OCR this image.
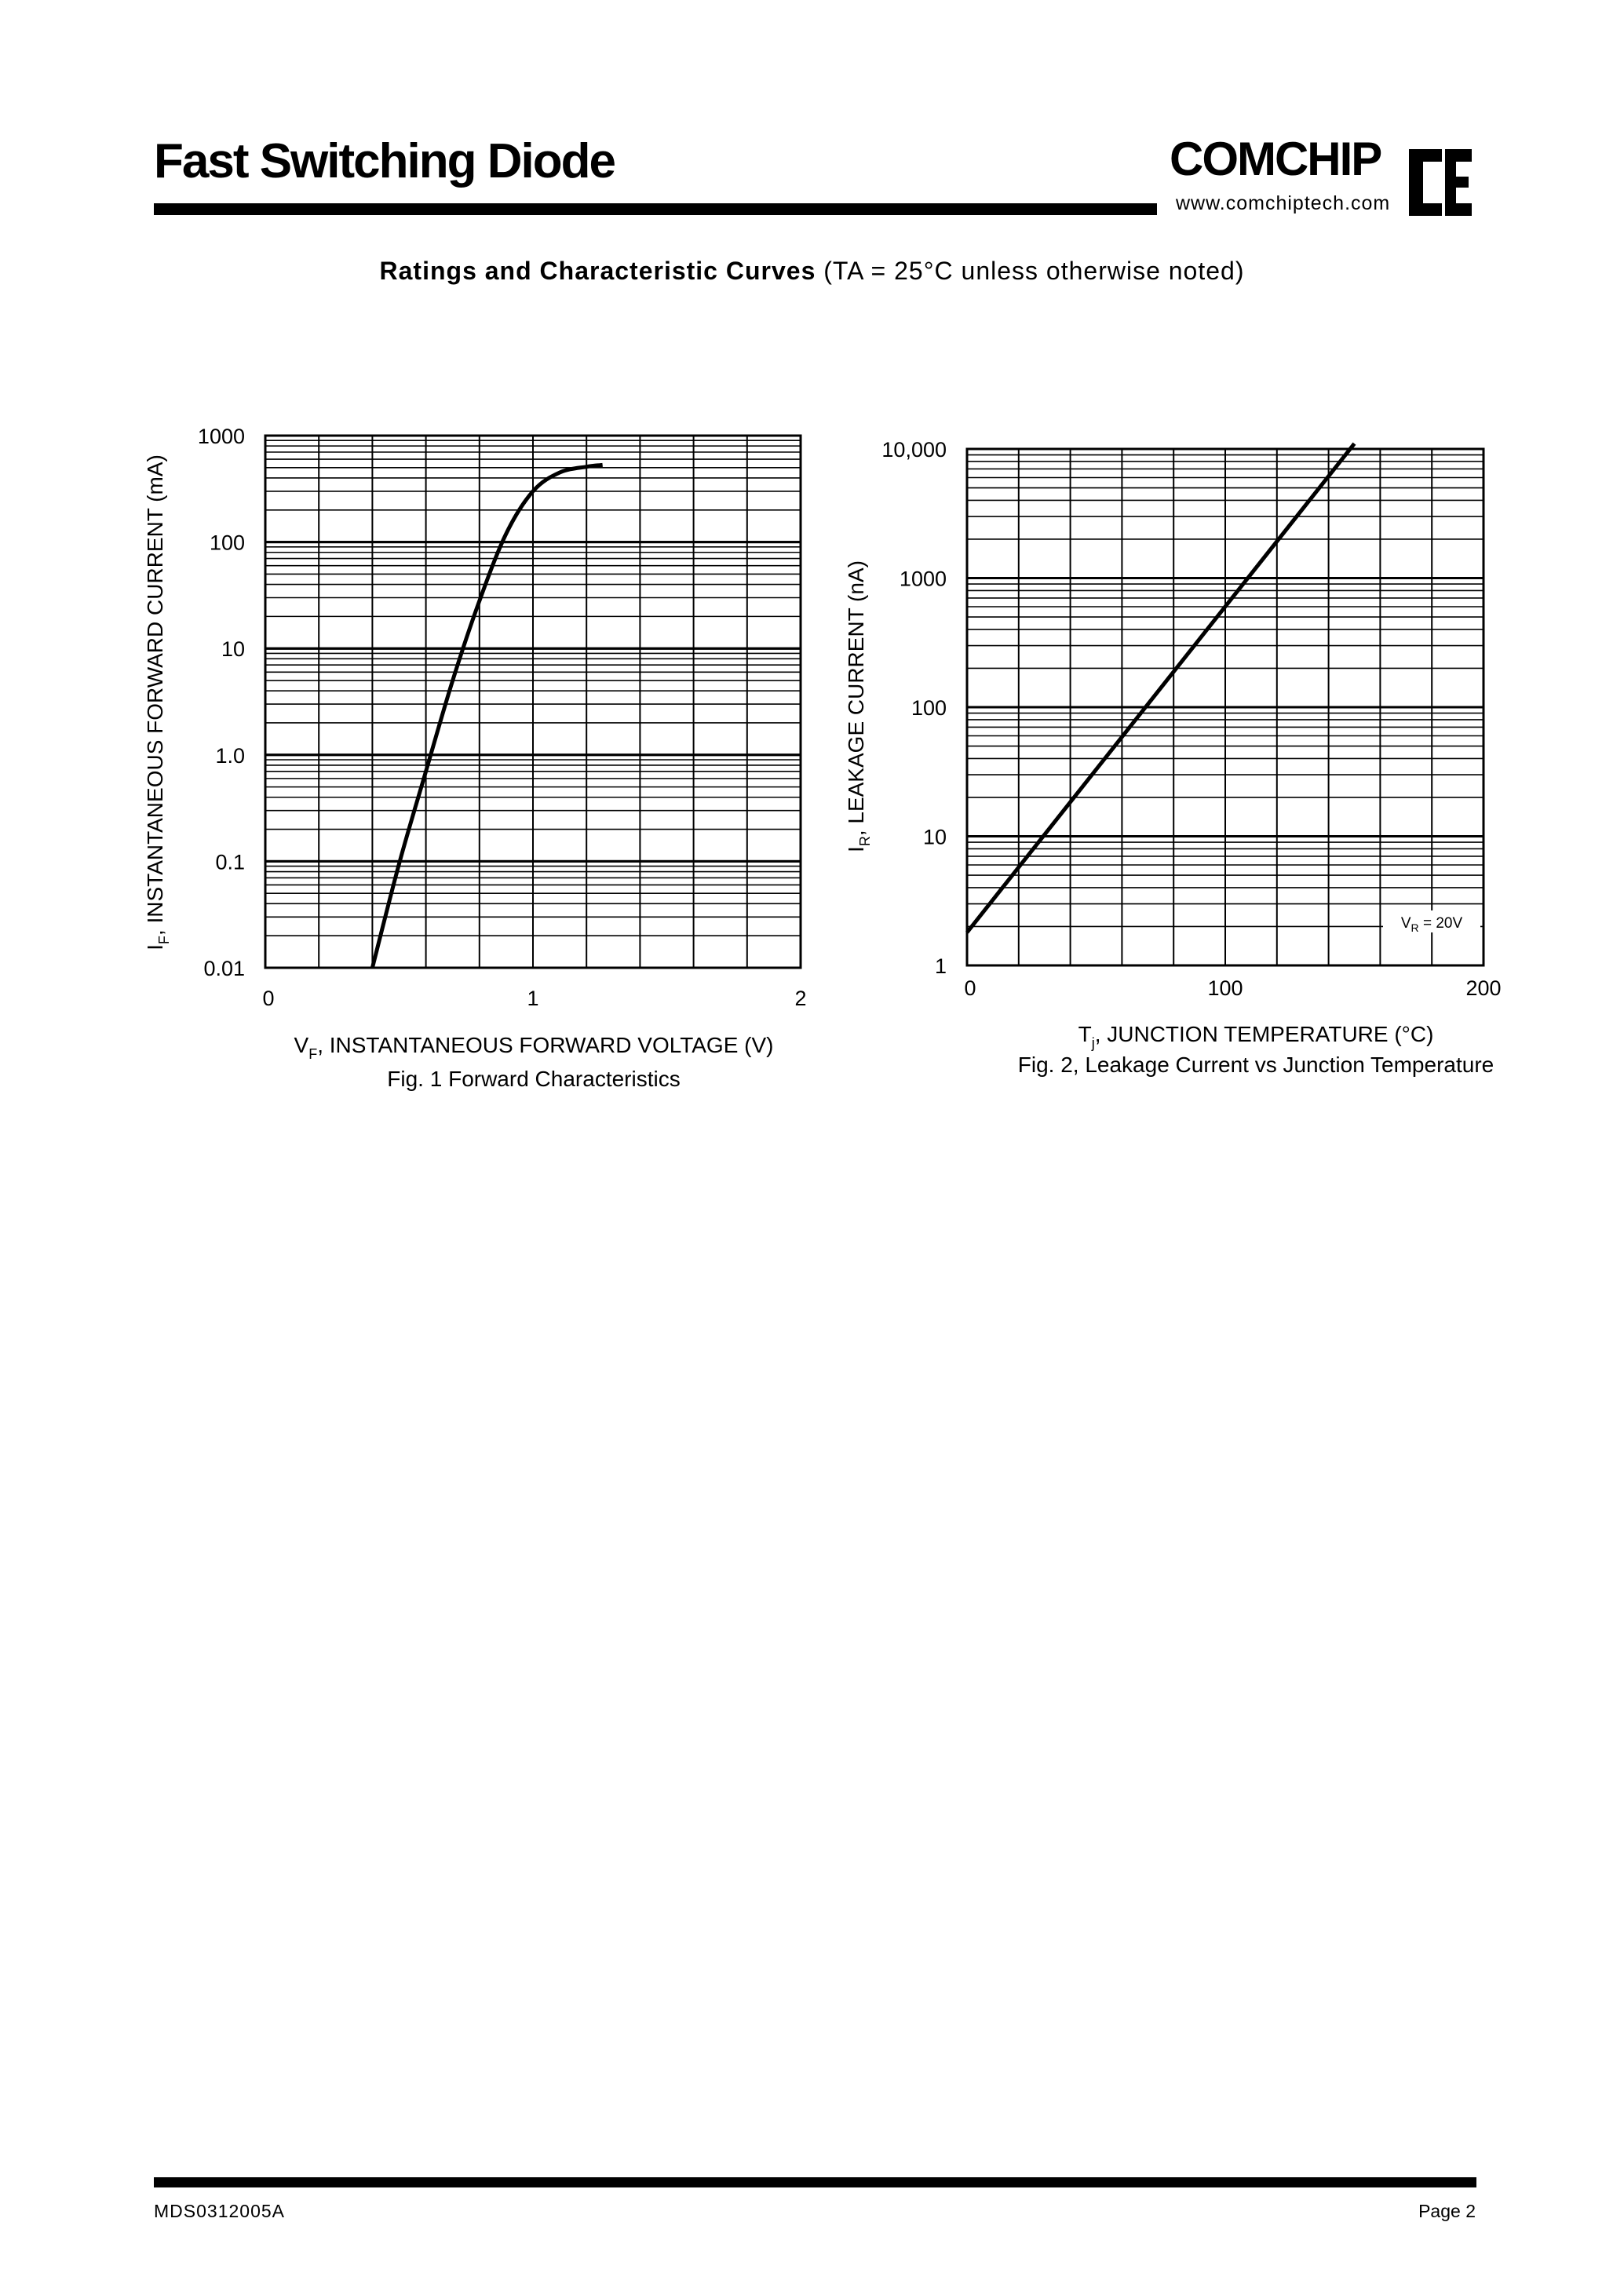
Fast Switching Diode	COMCHIP
www.comchiptech.com
Ratings and Characteristic Curves (TA = 25°C unless otherwise noted)
1000
100
10
1.0
0.1
0.01
0	1	2
$I_F$, INSTANTANEOUS FORWARD CURRENT (mA)
$V_F$, INSTANTANEOUS FORWARD VOLTAGE (V)
Fig. 1 Forward Characteristics
10,000
1000
100
10
1
0	100	200
$V_R = 20V$
$I_R$, LEAKAGE CURRENT (nA)
$T_j$, JUNCTION TEMPERATURE (°C)
Fig. 2, Leakage Current vs Junction Temperature
MDS0312005A	Page 2
